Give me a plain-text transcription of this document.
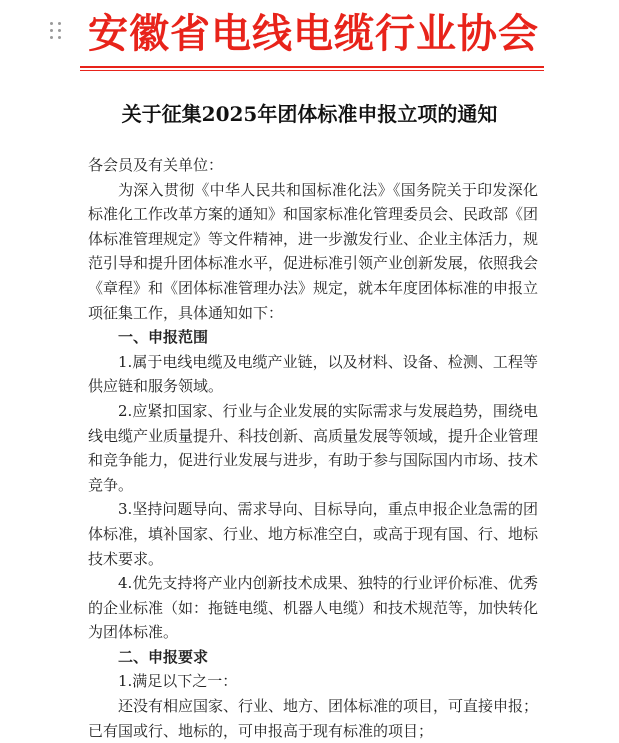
安徽省电线电缆行业协会
关于征集2025年团体标准申报立项的通知

各会员及有关单位：

为深入贯彻《中华人民共和国标准化法》《国务院关于印发深化标准化工作改革方案的通知》和国家标准化管理委员会、民政部《团体标准管理规定》等文件精神，进一步激发行业、企业主体活力，规范引导和提升团体标准水平，促进标准引领产业创新发展，依照我会《章程》和《团体标准管理办法》规定，就本年度团体标准的申报立项征集工作，具体通知如下：

一、申报范围

1.属于电线电缆及电缆产业链，以及材料、设备、检测、工程等供应链和服务领域。

2.应紧扣国家、行业与企业发展的实际需求与发展趋势，围绕电线电缆产业质量提升、科技创新、高质量发展等领域，提升企业管理和竞争能力，促进行业发展与进步，有助于参与国际国内市场、技术竞争。

3.坚持问题导向、需求导向、目标导向，重点申报企业急需的团体标准，填补国家、行业、地方标准空白，或高于现有国、行、地标技术要求。

4.优先支持将产业内创新技术成果、独特的行业评价标准、优秀的企业标准（如：拖链电缆、机器人电缆）和技术规范等，加快转化为团体标准。

二、申报要求

1.满足以下之一：

还没有相应国家、行业、地方、团体标准的项目，可直接申报；已有国或行、地标的，可申报高于现有标准的项目；
